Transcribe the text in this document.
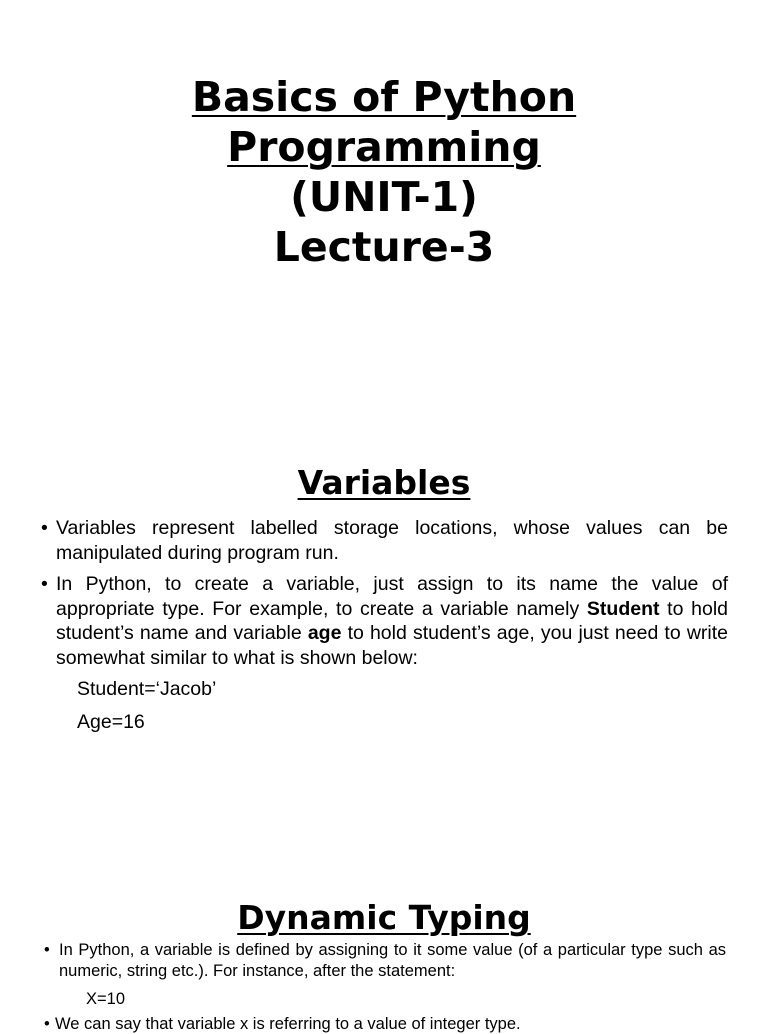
Basics of Python
Programming
(UNIT-1)
Lecture-3
Variables
• Variables represent labelled storage locations, whose values can be manipulated during program run.
• In Python, to create a variable, just assign to its name the value of appropriate type. For example, to create a variable namely Student to hold student’s name and variable age to hold student’s age, you just need to write somewhat similar to what is shown below:
Student=‘Jacob’
Age=16
Dynamic Typing
• In Python, a variable is defined by assigning to it some value (of a particular type such as numeric, string etc.). For instance, after the statement:
X=10
• We can say that variable x is referring to a value of integer type.
